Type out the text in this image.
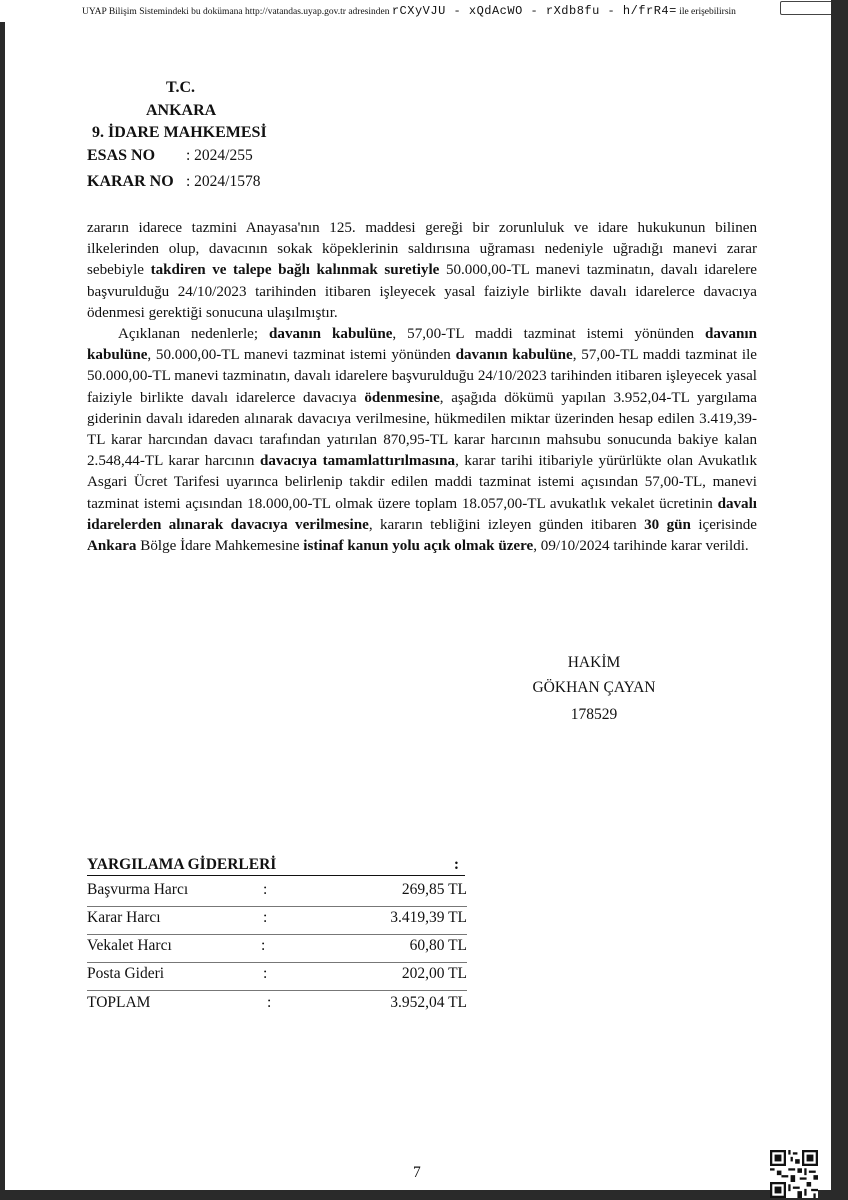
UYAP Bilişim Sistemindeki bu dokümana http://vatandas.uyap.gov.tr adresinden rCXyVJU - xQdAcWO - rXdb8fu - h/frR4= ile erişebilirsin
T.C.
ANKARA
9. İDARE MAHKEMESİ
ESAS NO : 2024/255
KARAR NO : 2024/1578

zararın idarece tazmini Anayasa'nın 125. maddesi gereği bir zorunluluk ve idare hukukunun bilinen ilkelerinden olup, davacının sokak köpeklerinin saldırısına uğraması nedeniyle uğradığı manevi zarar sebebiyle takdiren ve talepe bağlı kalınmak suretiyle 50.000,00-TL manevi tazminatın, davalı idarelere başvurulduğu 24/10/2023 tarihinden itibaren işleyecek yasal faiziyle birlikte davalı idarelerce davacıya ödenmesi gerektiği sonucuna ulaşılmıştır.

Açıklanan nedenlerle; davanın kabulüne, 57,00-TL maddi tazminat istemi yönünden davanın kabulüne, 50.000,00-TL manevi tazminat istemi yönünden davanın kabulüne, 57,00-TL maddi tazminat ile 50.000,00-TL manevi tazminatın, davalı idarelere başvurulduğu 24/10/2023 tarihinden itibaren işleyecek yasal faiziyle birlikte davalı idarelerce davacıya ödenmesine, aşağıda dökümü yapılan 3.952,04-TL yargılama giderinin davalı idareden alınarak davacıya verilmesine, hükmedilen miktar üzerinden hesap edilen 3.419,39-TL karar harcından davacı tarafından yatırılan 870,95-TL karar harcının mahsubu sonucunda bakiye kalan 2.548,44-TL karar harcının davacıya tamamlattırılmasına, karar tarihi itibariyle yürürlükte olan Avukatlık Asgari Ücret Tarifesi uyarınca belirlenip takdir edilen maddi tazminat istemi açısından 57,00-TL, manevi tazminat istemi açısından 18.000,00-TL olmak üzere toplam 18.057,00-TL avukatlık vekalet ücretinin davalı idarelerden alınarak davacıya verilmesine, kararın tebliğini izleyen günden itibaren 30 gün içerisinde Ankara Bölge İdare Mahkemesine istinaf kanun yolu açık olmak üzere, 09/10/2024 tarihinde karar verildi.

HAKİM
GÖKHAN ÇAYAN
178529
YARGILAMA GİDERLERİ	:
Başvurma Harcı	:	269,85 TL
Karar Harcı	:	3.419,39 TL
Vekalet Harcı	:	60,80 TL
Posta Gideri	:	202,00 TL
TOPLAM	:	3.952,04 TL
7
